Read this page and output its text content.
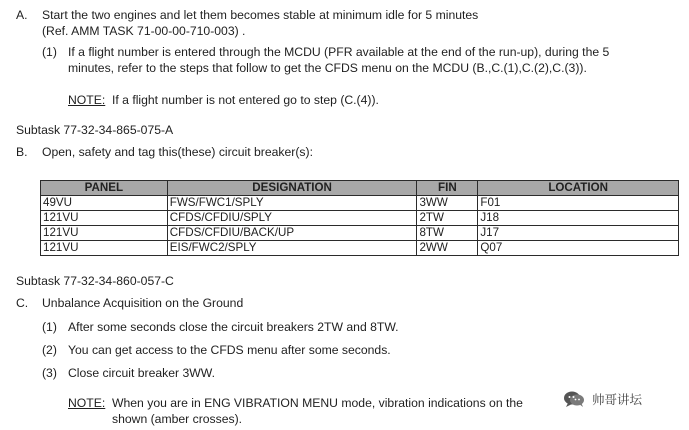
A. Start the two engines and let them becomes stable at minimum idle for 5 minutes
(Ref. AMM TASK 71-00-00-710-003) .
(1) If a flight number is entered through the MCDU (PFR available at the end of the run-up), during the 5
minutes, refer to the steps that follow to get the CFDS menu on the MCDU (B.,C.(1),C.(2),C.(3)).
NOTE: If a flight number is not entered go to step (C.(4)).
Subtask 77-32-34-865-075-A
B. Open, safety and tag this(these) circuit breaker(s):
PANEL	DESIGNATION	FIN	LOCATION
49VU	FWS/FWC1/SPLY	3WW	F01
121VU	CFDS/CFDIU/SPLY	2TW	J18
121VU	CFDS/CFDIU/BACK/UP	8TW	J17
121VU	EIS/FWC2/SPLY	2WW	Q07
Subtask 77-32-34-860-057-C
C. Unbalance Acquisition on the Ground
(1) After some seconds close the circuit breakers 2TW and 8TW.
(2) You can get access to the CFDS menu after some seconds.
(3) Close circuit breaker 3WW.
NOTE: When you are in ENG VIBRATION MENU mode, vibration indications on the
shown (amber crosses).
帅哥讲坛
